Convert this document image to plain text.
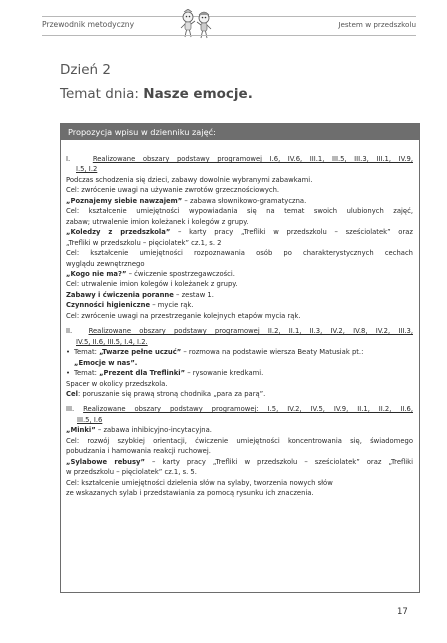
Przewodnik metodyczny	Jestem w przedszkolu
Dzień 2
Temat dnia: Nasze emocje.
Propozycja wpisu w dzienniku zajęć:

I.	Realizowane obszary podstawy programowej I.6, IV.6, III.1, III.5, III.3, III.1, IV.9,

I.5, I.2

Podczas schodzenia się dzieci, zabawy dowolnie wybranymi zabawkami.

Cel: zwrócenie uwagi na używanie zwrotów grzecznościowych.

„Poznajemy siebie nawzajem” – zabawa słownikowo-gramatyczna.

Cel: kształcenie umiejętności wypowiadania się na temat swoich ulubionych zajęć,

zabaw; utrwalenie imion koleżanek i kolegów z grupy.

„Koledzy z przedszkola” – karty pracy „Trefliki w przedszkolu – sześciolatek” oraz

„Trefliki w przedszkolu – pięciolatek” cz.1, s. 2

Cel: kształcenie umiejętności rozpoznawania osób po charakterystycznych cechach

wyglądu zewnętrznego

„Kogo nie ma?” – ćwiczenie spostrzegawczości.

Cel: utrwalenie imion kolegów i koleżanek z grupy.

Zabawy i ćwiczenia poranne – zestaw 1.

Czynności higieniczne – mycie rąk.

Cel: zwrócenie uwagi na przestrzeganie kolejnych etapów mycia rąk.

II. Realizowane obszary podstawy programowej II.2, II.1, II.3, IV.2, IV.8, IV.2, III.3,

IV.5, II.6, III.5, I.4, I.2.

• Temat: „Twarze pełne uczuć” – rozmowa na podstawie wiersza Beaty Matusiak pt.:

„Emocje w nas”.

• Temat: „Prezent dla Treflinki” – rysowanie kredkami.

Spacer w okolicy przedszkola.

Cel: poruszanie się prawą stroną chodnika „para za parą”.

III. Realizowane obszary podstawy programowej: I.5, IV.2, IV.5, IV.9, II.1, II.2, II.6,

III.5, I.6

„Minki” – zabawa inhibicyjno-incytacyjna.

Cel: rozwój szybkiej orientacji, ćwiczenie umiejętności koncentrowania się, świadomego

pobudzania i hamowania reakcji ruchowej.

„Sylabowe rebusy” – karty pracy „Trefliki w przedszkolu – sześciolatek” oraz „Trefliki

w przedszkolu – pięciolatek” cz.1, s. 5.

Cel: kształcenie umiejętności dzielenia słów na sylaby, tworzenia nowych słów

ze wskazanych sylab i przedstawiania za pomocą rysunku ich znaczenia.

17
